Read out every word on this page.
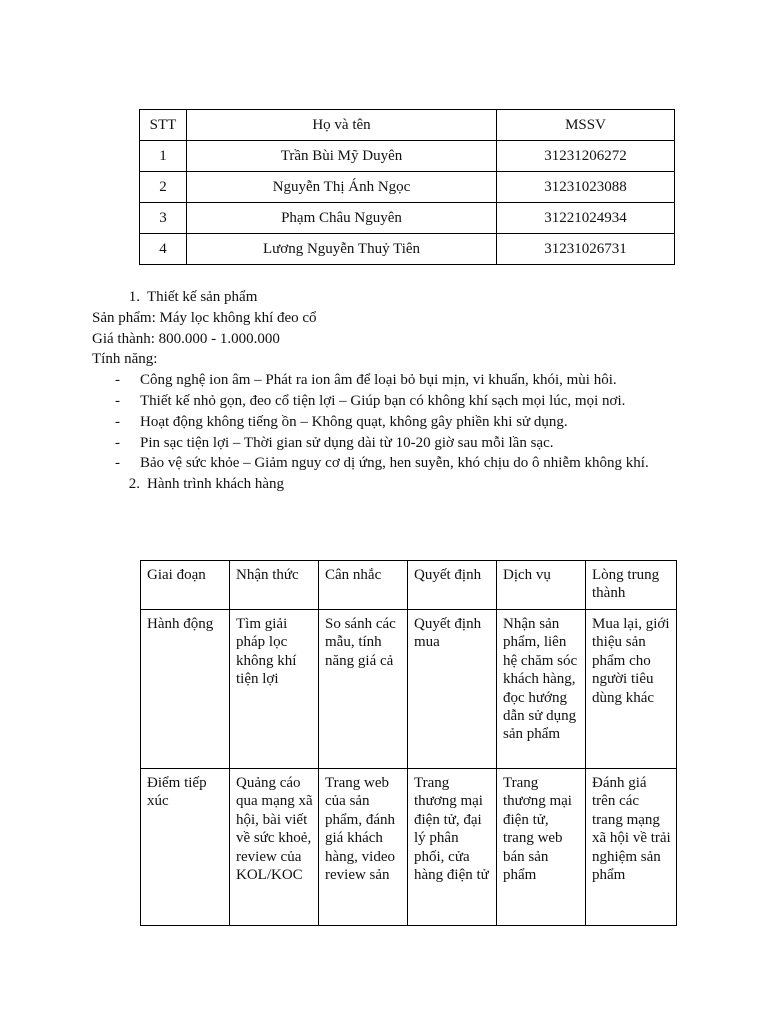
STT	Họ và tên	MSSV
1	Trần Bùi Mỹ Duyên	31231206272
2	Nguyễn Thị Ánh Ngọc	31231023088
3	Phạm Châu Nguyên	31221024934
4	Lương Nguyễn Thuỷ Tiên	31231026731
1. Thiết kế sản phẩm

Sản phẩm: Máy lọc không khí đeo cổ

Giá thành: 800.000 - 1.000.000

Tính năng:

-	Công nghệ ion âm – Phát ra ion âm để loại bỏ bụi mịn, vi khuẩn, khói, mùi hôi.
-	Thiết kế nhỏ gọn, đeo cổ tiện lợi – Giúp bạn có không khí sạch mọi lúc, mọi nơi.
-	Hoạt động không tiếng ồn – Không quạt, không gây phiền khi sử dụng.
-	Pin sạc tiện lợi – Thời gian sử dụng dài từ 10-20 giờ sau mỗi lần sạc.
-	Bảo vệ sức khỏe – Giảm nguy cơ dị ứng, hen suyễn, khó chịu do ô nhiễm không khí.
2. Hành trình khách hàng
Giai đoạn	Nhận thức	Cân nhắc	Quyết định	Dịch vụ	Lòng trung thành
Hành động	Tìm giải pháp lọc không khí tiện lợi	So sánh các mẫu, tính năng giá cả	Quyết định mua	Nhận sản phẩm, liên hệ chăm sóc khách hàng, đọc hướng dẫn sử dụng sản phẩm	Mua lại, giới thiệu sản phẩm cho người tiêu dùng khác
Điểm tiếp xúc	Quảng cáo qua mạng xã hội, bài viết về sức khoẻ, review của KOL/KOC	Trang web của sản phẩm, đánh giá khách hàng, video review sản	Trang thương mại điện tử, đại lý phân phối, cửa hàng điện tử	Trang thương mại điện tử, trang web bán sản phẩm	Đánh giá trên các trang mạng xã hội về trải nghiệm sản phẩm
